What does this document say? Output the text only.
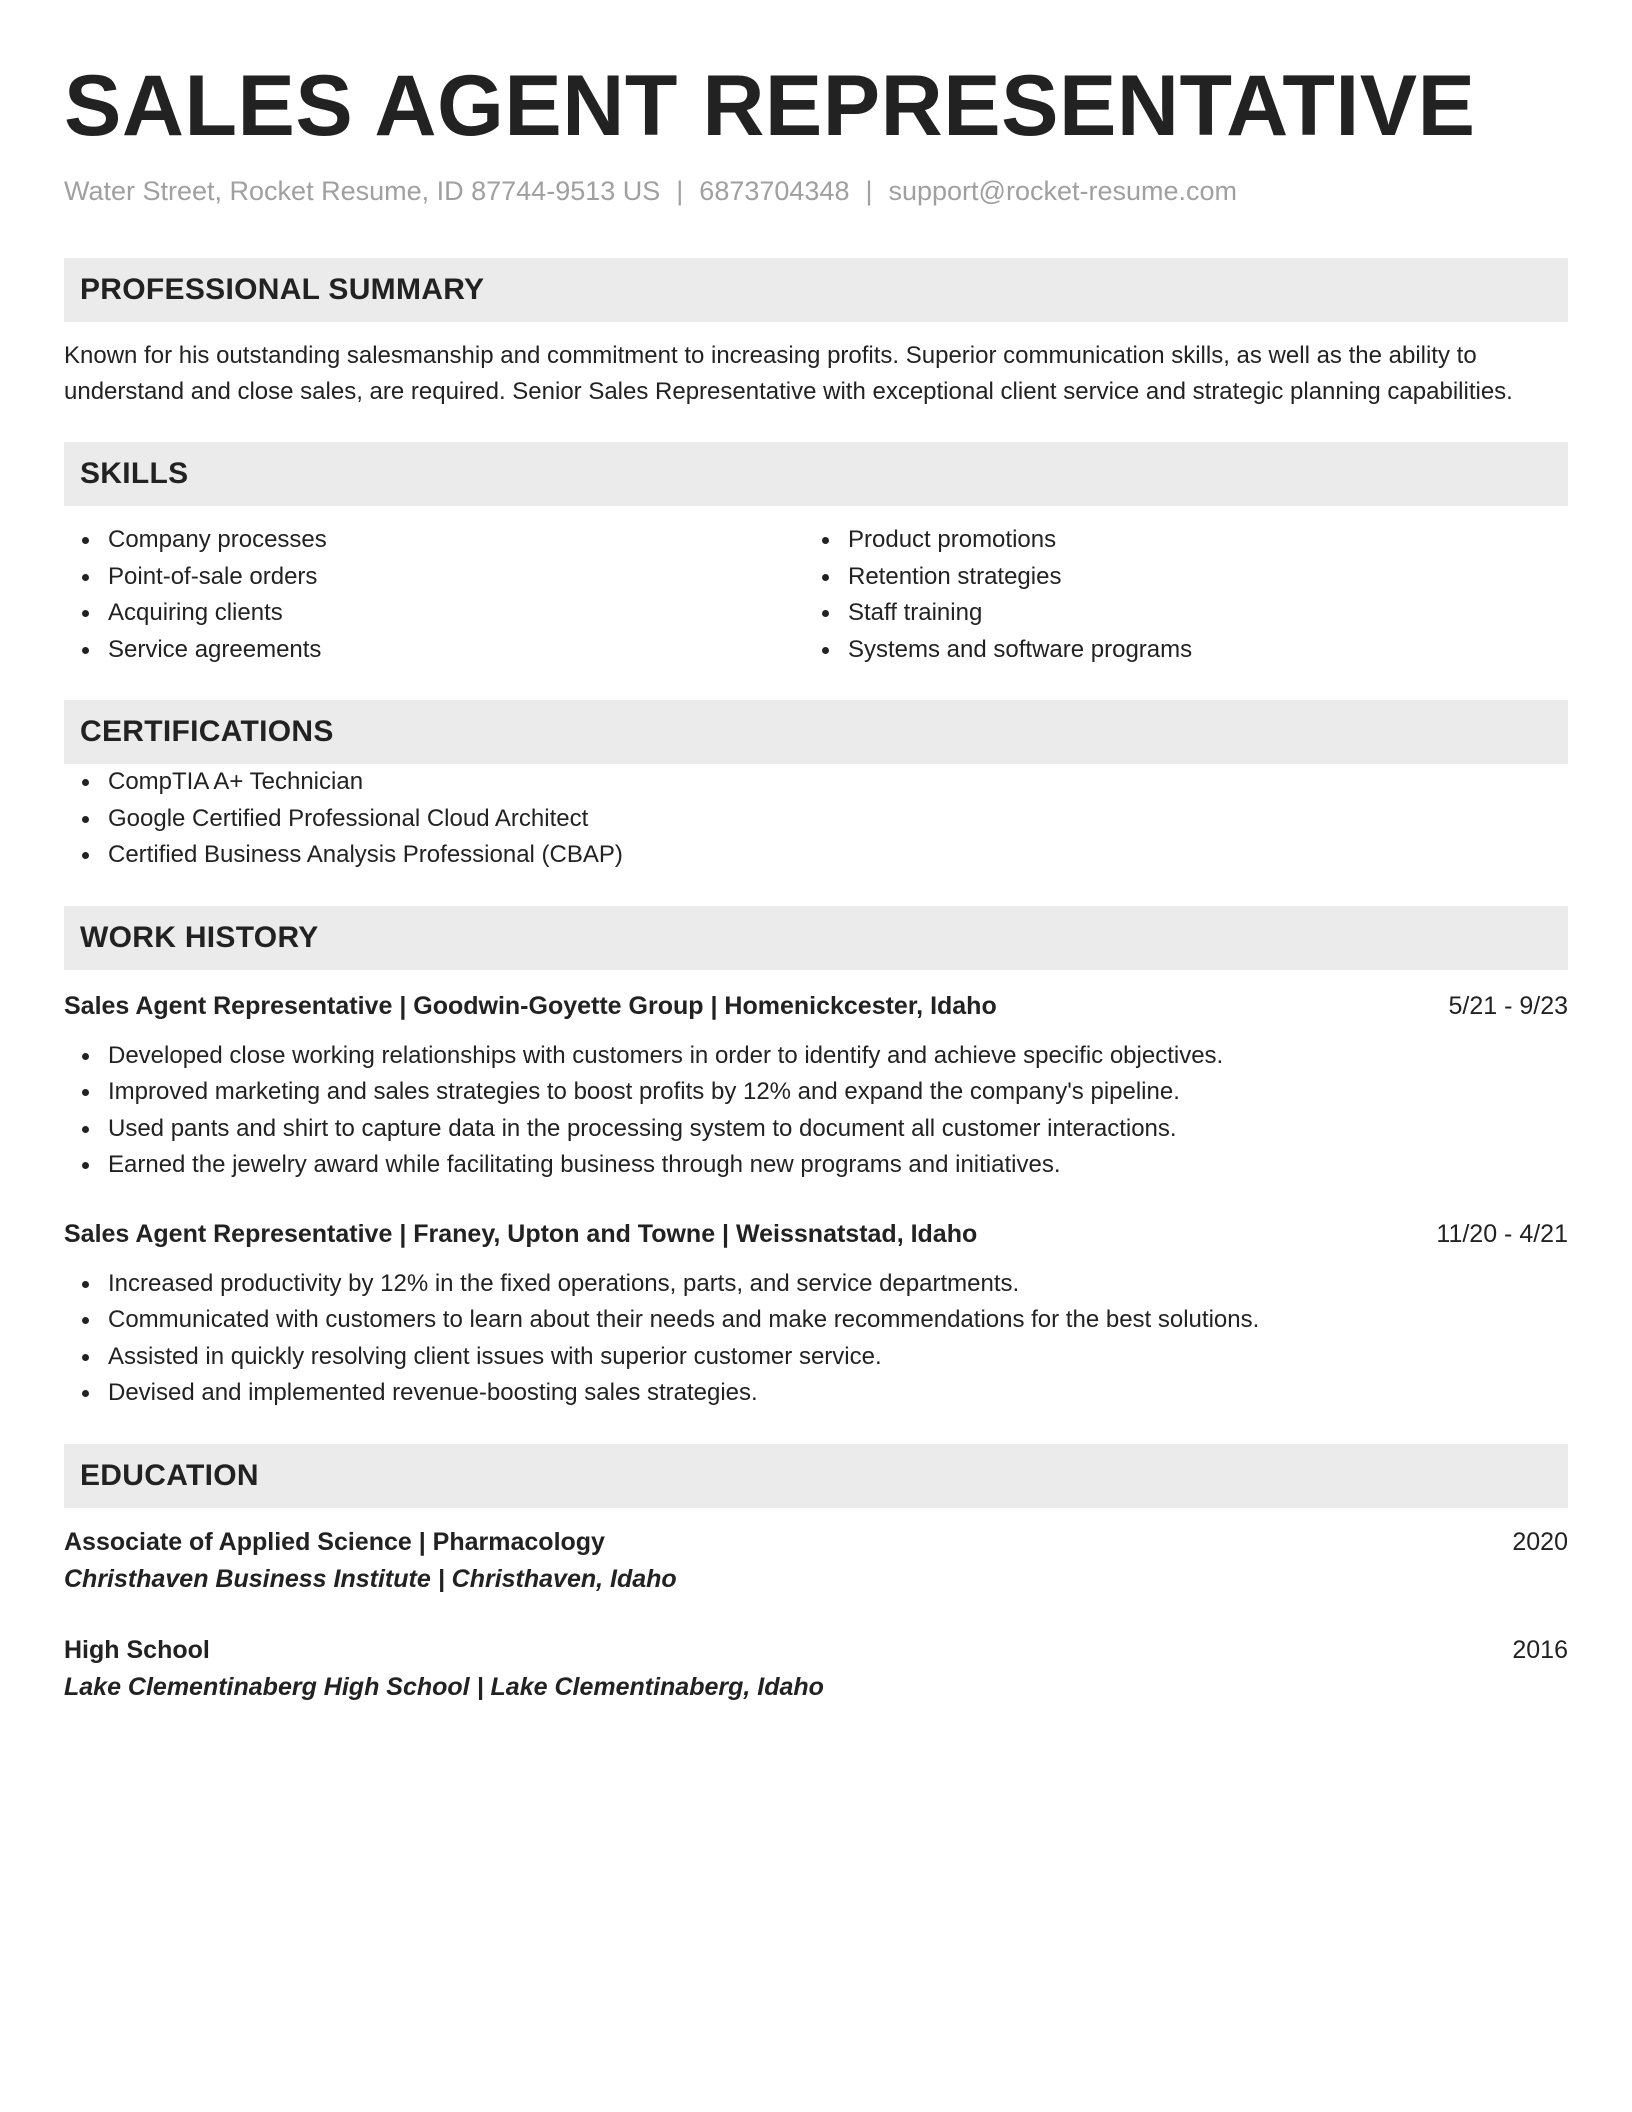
SALES AGENT REPRESENTATIVE
Water Street, Rocket Resume, ID 87744-9513 US | 6873704348 | support@rocket-resume.com
PROFESSIONAL SUMMARY
Known for his outstanding salesmanship and commitment to increasing profits. Superior communication skills, as well as the ability to understand and close sales, are required. Senior Sales Representative with exceptional client service and strategic planning capabilities.
SKILLS
Company processes
Point-of-sale orders
Acquiring clients
Service agreements
Product promotions
Retention strategies
Staff training
Systems and software programs
CERTIFICATIONS
CompTIA A+ Technician
Google Certified Professional Cloud Architect
Certified Business Analysis Professional (CBAP)
WORK HISTORY
Sales Agent Representative | Goodwin-Goyette Group | Homenickcester, Idaho	5/21 - 9/23
Developed close working relationships with customers in order to identify and achieve specific objectives.
Improved marketing and sales strategies to boost profits by 12% and expand the company's pipeline.
Used pants and shirt to capture data in the processing system to document all customer interactions.
Earned the jewelry award while facilitating business through new programs and initiatives.
Sales Agent Representative | Franey, Upton and Towne | Weissnatstad, Idaho	11/20 - 4/21
Increased productivity by 12% in the fixed operations, parts, and service departments.
Communicated with customers to learn about their needs and make recommendations for the best solutions.
Assisted in quickly resolving client issues with superior customer service.
Devised and implemented revenue-boosting sales strategies.
EDUCATION
Associate of Applied Science | Pharmacology	2020
Christhaven Business Institute | Christhaven, Idaho
High School	2016
Lake Clementinaberg High School | Lake Clementinaberg, Idaho
